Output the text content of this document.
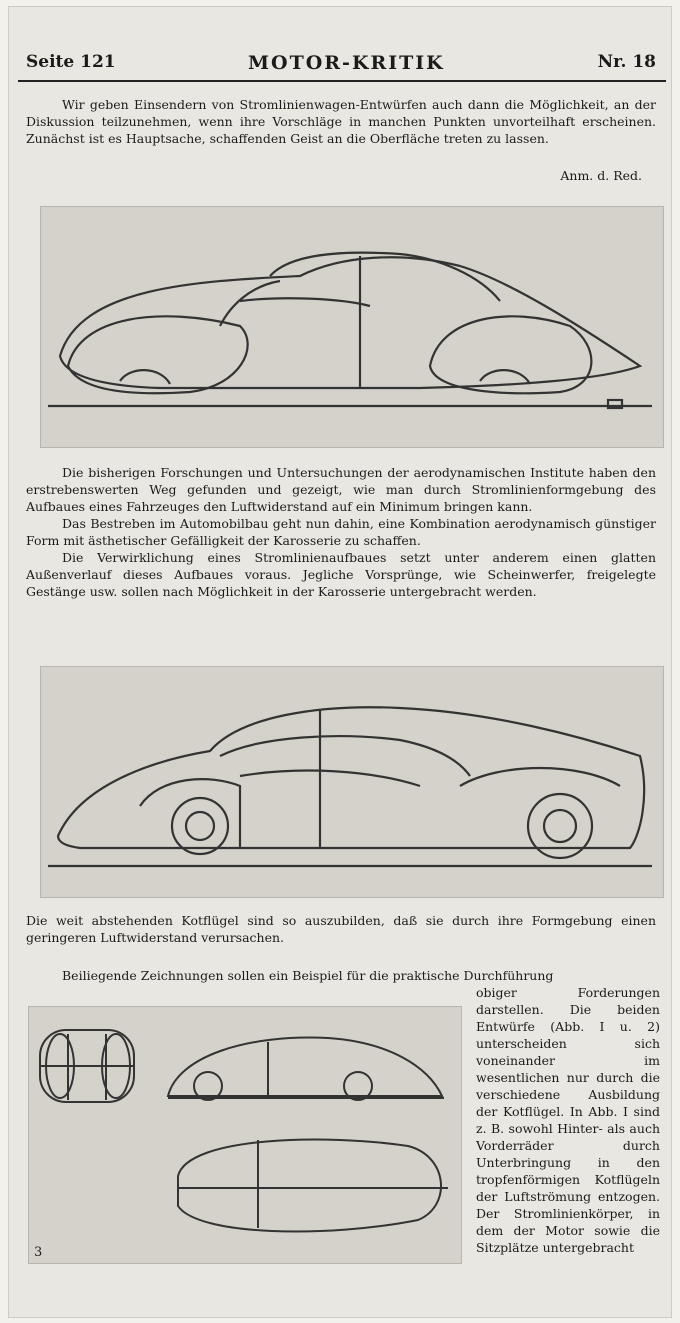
Seite 121	MOTOR-KRITIK	Nr. 18

Wir geben Einsendern von Stromlinienwagen-Entwürfen auch dann die Möglichkeit, an der Diskussion teilzunehmen, wenn ihre Vorschläge in manchen Punkten unvorteilhaft erscheinen. Zunächst ist es Hauptsache, schaffenden Geist an die Oberfläche treten zu lassen.

Anm. d. Red.

Die bisherigen Forschungen und Untersuchungen der aerodynamischen Institute haben den erstrebenswerten Weg gefunden und gezeigt, wie man durch Stromlinienformgebung des Aufbaues eines Fahrzeuges den Luftwiderstand auf ein Minimum bringen kann.

Das Bestreben im Automobilbau geht nun dahin, eine Kombination aerodynamisch günstiger Form mit ästhetischer Gefälligkeit der Karosserie zu schaffen.

Die Verwirklichung eines Stromlinienaufbaues setzt unter anderem einen glatten Außenverlauf dieses Aufbaues voraus. Jegliche Vorsprünge, wie Scheinwerfer, freigelegte Gestänge usw. sollen nach Möglichkeit in der Karosserie untergebracht werden.

Die weit abstehenden Kotflügel sind so auszubilden, daß sie durch ihre Formgebung einen geringeren Luftwiderstand verursachen.

Beiliegende Zeichnungen sollen ein Beispiel für die praktische Durchführung

3

obiger Forderungen darstellen. Die beiden Entwürfe (Abb. I u. 2) unterscheiden sich voneinander im wesentlichen nur durch die verschiedene Ausbildung der Kotflügel. In Abb. I sind z. B. sowohl Hinter- als auch Vorderräder durch Unterbringung in den tropfenförmigen Kotflügeln der Luftströmung entzogen. Der Stromlinienkörper, in dem der Motor sowie die Sitzplätze untergebracht
